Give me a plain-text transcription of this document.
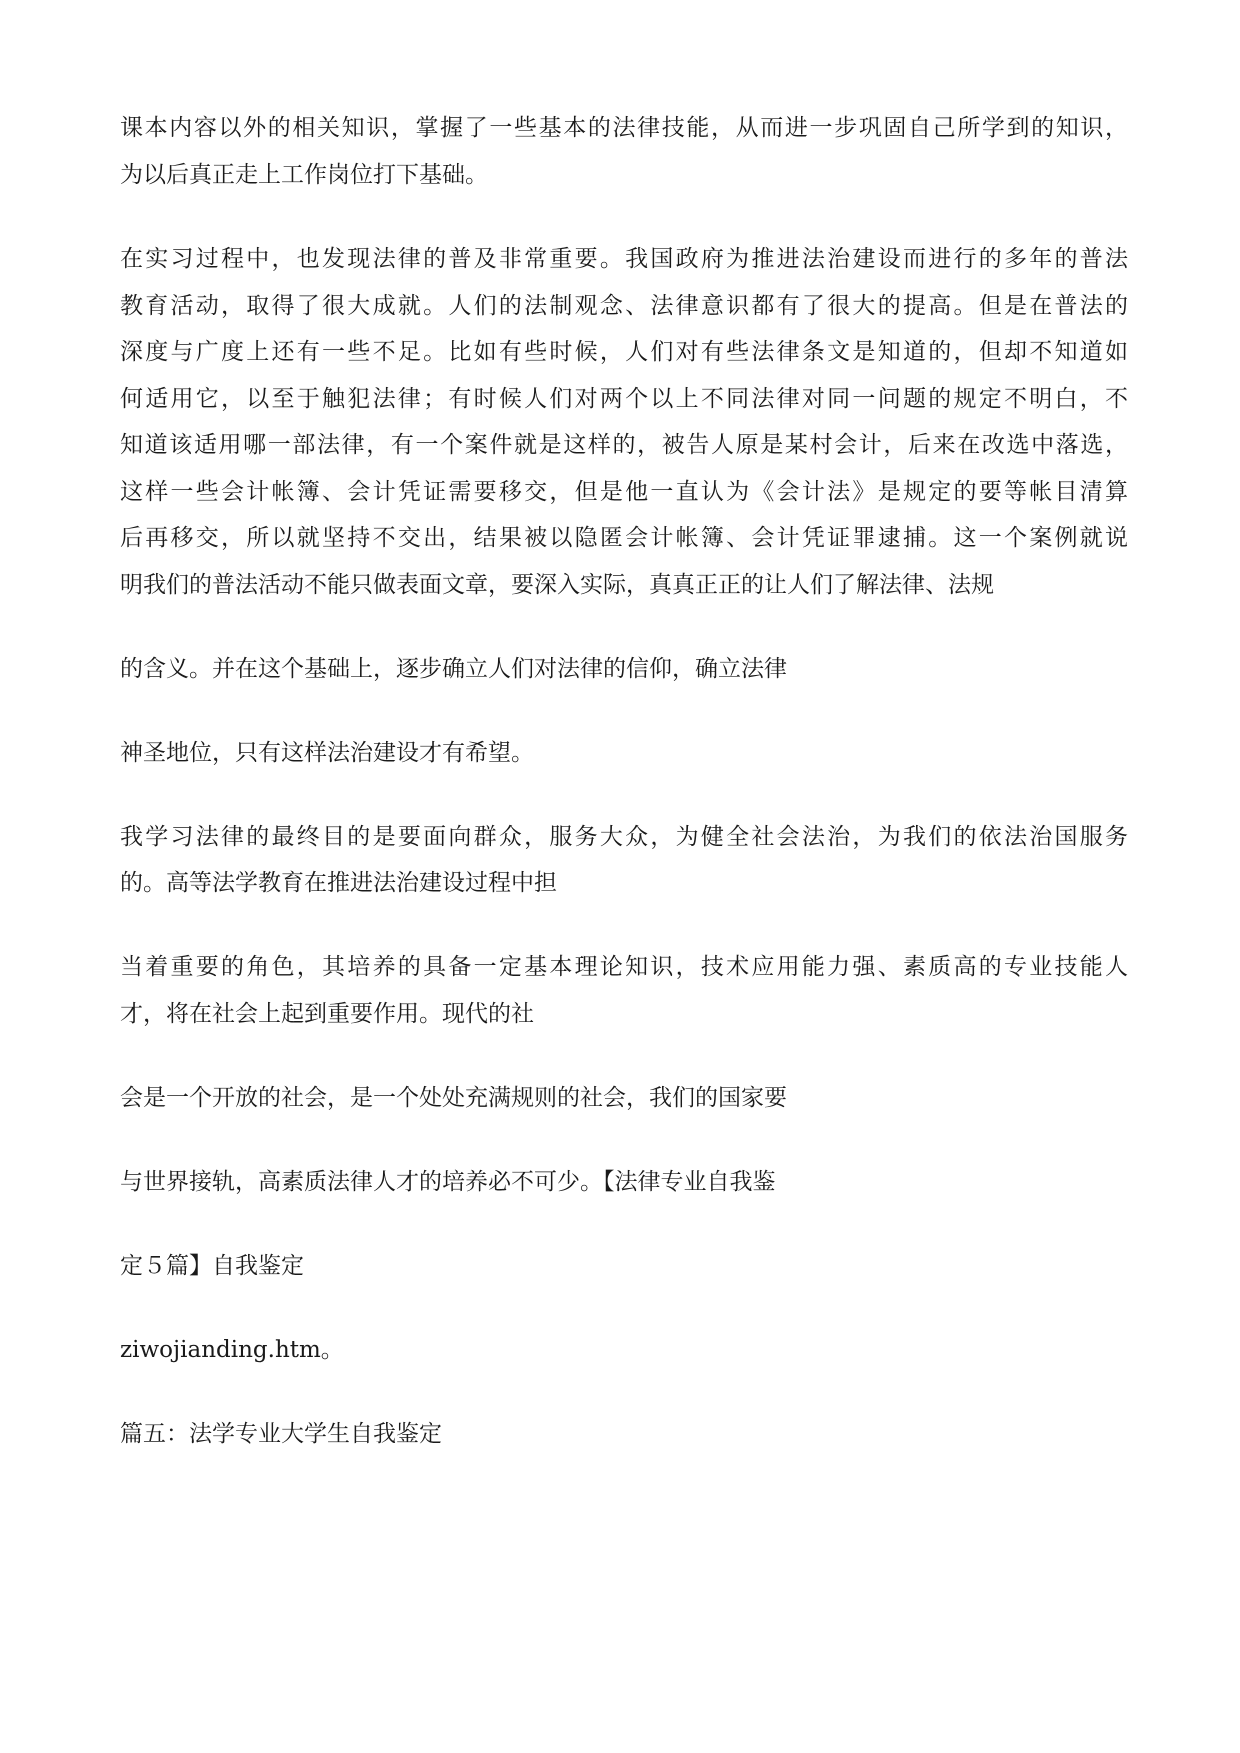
课本内容以外的相关知识，掌握了一些基本的法律技能，从而进一步巩固自己所学到的知识，
为以后真正走上工作岗位打下基础。
在实习过程中，也发现法律的普及非常重要。我国政府为推进法治建设而进行的多年的普法
教育活动，取得了很大成就。人们的法制观念、法律意识都有了很大的提高。但是在普法的
深度与广度上还有一些不足。比如有些时候，人们对有些法律条文是知道的，但却不知道如
何适用它，以至于触犯法律；有时候人们对两个以上不同法律对同一问题的规定不明白，不
知道该适用哪一部法律，有一个案件就是这样的，被告人原是某村会计，后来在改选中落选，
这样一些会计帐簿、会计凭证需要移交，但是他一直认为《会计法》是规定的要等帐目清算
后再移交，所以就坚持不交出，结果被以隐匿会计帐簿、会计凭证罪逮捕。这一个案例就说
明我们的普法活动不能只做表面文章，要深入实际，真真正正的让人们了解法律、法规
的含义。并在这个基础上，逐步确立人们对法律的信仰，确立法律
神圣地位，只有这样法治建设才有希望。
我学习法律的最终目的是要面向群众，服务大众，为健全社会法治，为我们的依法治国服务
的。高等法学教育在推进法治建设过程中担
当着重要的角色，其培养的具备一定基本理论知识，技术应用能力强、素质高的专业技能人
才，将在社会上起到重要作用。现代的社
会是一个开放的社会，是一个处处充满规则的社会，我们的国家要
与世界接轨，高素质法律人才的培养必不可少。【法律专业自我鉴
定５篇】自我鉴定
ziwojianding.htm。
篇五：法学专业大学生自我鉴定
